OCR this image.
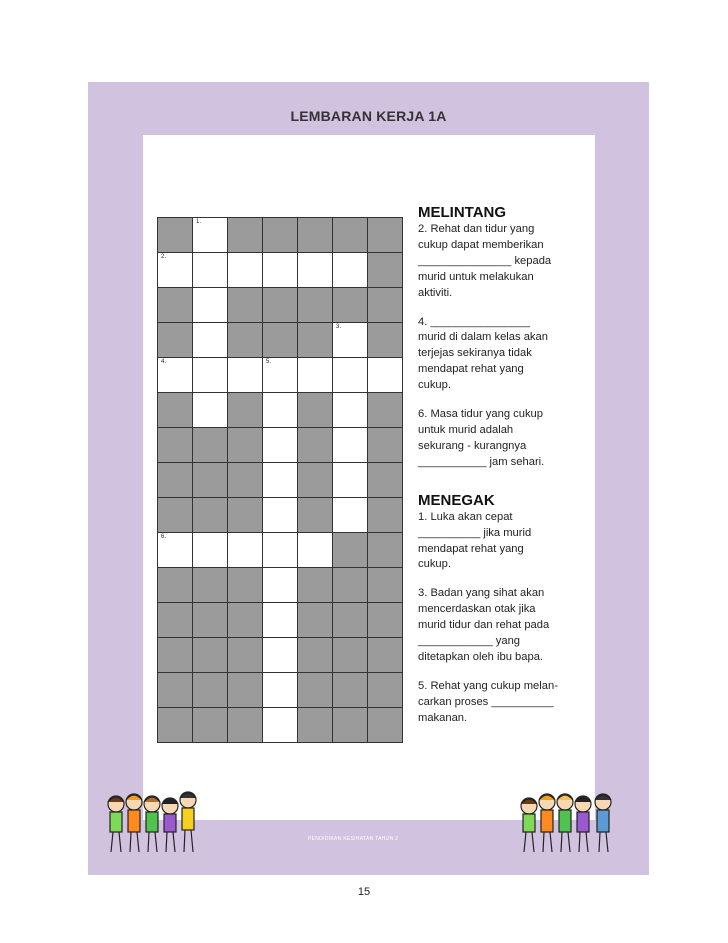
LEMBARAN KERJA 1A
1.
2.
3.
4.	5.
6.
MELINTANG

2. Rehat dan tidur yang

cukup dapat memberikan

_______________ kepada

murid untuk melakukan

aktiviti.

4. ________________

murid di dalam kelas akan

terjejas sekiranya tidak

mendapat rehat yang

cukup.

6. Masa tidur yang cukup

untuk murid adalah

sekurang - kurangnya

___________ jam sehari.

MENEGAK

1. Luka akan cepat

__________ jika murid

mendapat rehat yang

cukup.

3. Badan yang sihat akan

mencerdaskan otak jika

murid tidur dan rehat pada

____________ yang

ditetapkan oleh ibu bapa.

5. Rehat yang cukup melan-

carkan proses __________

makanan.

PENDIDIKAN KESIHATAN TAHUN 2
15
